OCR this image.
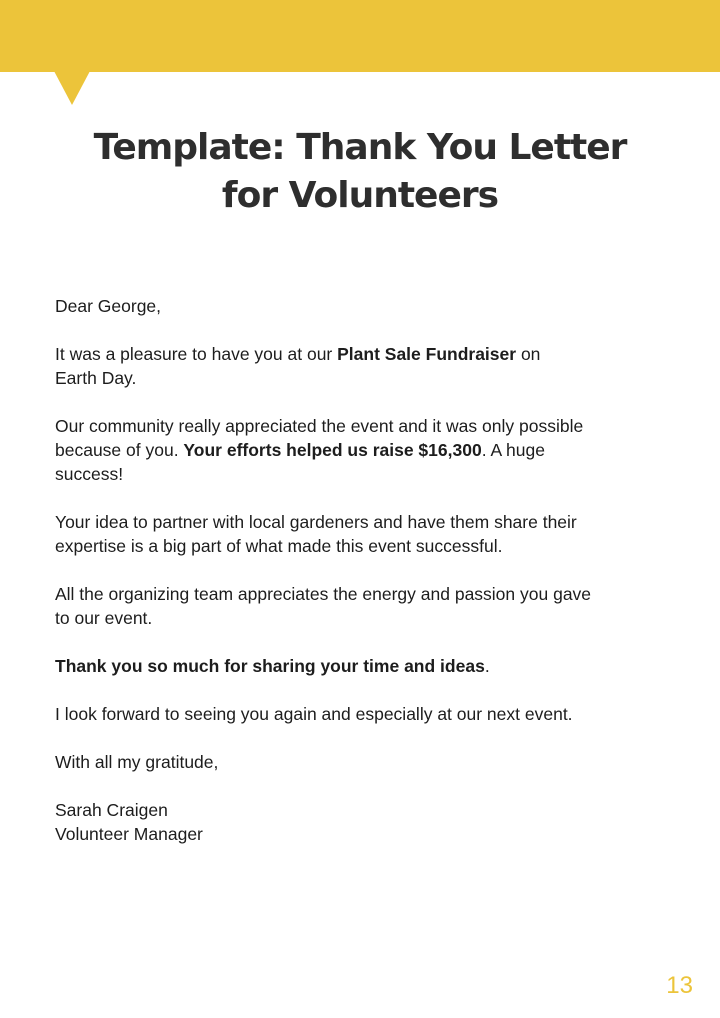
Template: Thank You Letter
for Volunteers

Dear George,

It was a pleasure to have you at our Plant Sale Fundraiser on
Earth Day.

Our community really appreciated the event and it was only possible
because of you. Your efforts helped us raise $16,300. A huge
success!

Your idea to partner with local gardeners and have them share their
expertise is a big part of what made this event successful.

All the organizing team appreciates the energy and passion you gave
to our event.

Thank you so much for sharing your time and ideas.

I look forward to seeing you again and especially at our next event.

With all my gratitude,

Sarah Craigen
Volunteer Manager

13
